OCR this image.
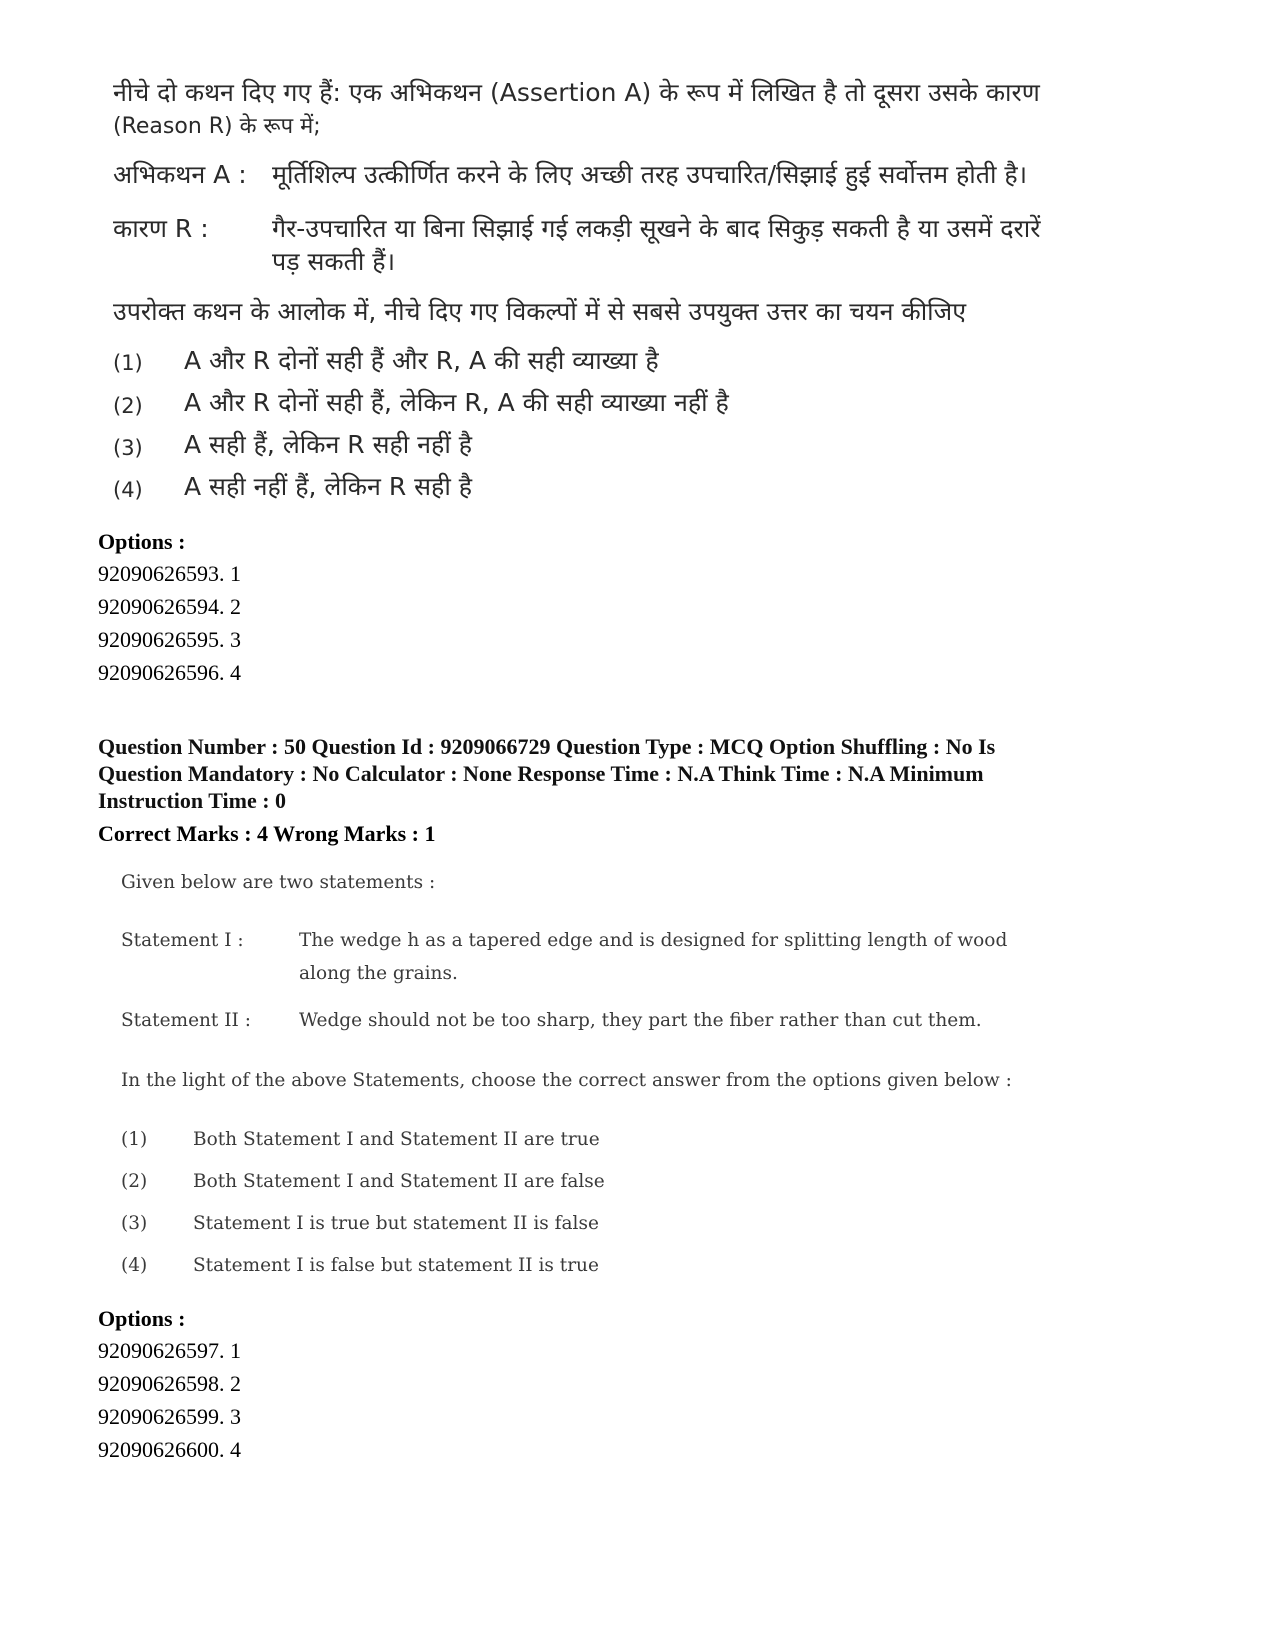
नीचे दो कथन दिए गए हैं: एक अभिकथन (Assertion A) के रूप में लिखित है तो दूसरा उसके कारण
(Reason R) के रूप में;
अभिकथन A : मूर्तिशिल्प उत्कीर्णित करने के लिए अच्छी तरह उपचारित/सिझाई हुई सर्वोत्तम होती है।
कारण R :	गैर-उपचारित या बिना सिझाई गई लकड़ी सूखने के बाद सिकुड़ सकती है या उसमें दरारें
पड़ सकती हैं।
उपरोक्त कथन के आलोक में, नीचे दिए गए विकल्पों में से सबसे उपयुक्त उत्तर का चयन कीजिए
(1) A और R दोनों सही हैं और R, A की सही व्याख्या है
(2) A और R दोनों सही हैं, लेकिन R, A की सही व्याख्या नहीं है
(3) A सही हैं, लेकिन R सही नहीं है
(4) A सही नहीं हैं, लेकिन R सही है
Options :
92090626593. 1
92090626594. 2
92090626595. 3
92090626596. 4
Question Number : 50 Question Id : 9209066729 Question Type : MCQ Option Shuffling : No Is
Question Mandatory : No Calculator : None Response Time : N.A Think Time : N.A Minimum
Instruction Time : 0
Correct Marks : 4 Wrong Marks : 1
Given below are two statements :
Statement I :	The wedge h as a tapered edge and is designed for splitting length of wood
along the grains.
Statement II :	Wedge should not be too sharp, they part the fiber rather than cut them.
In the light of the above Statements, choose the correct answer from the options given below :
(1) Both Statement I and Statement II are true
(2) Both Statement I and Statement II are false
(3) Statement I is true but statement II is false
(4) Statement I is false but statement II is true
Options :
92090626597. 1
92090626598. 2
92090626599. 3
92090626600. 4
